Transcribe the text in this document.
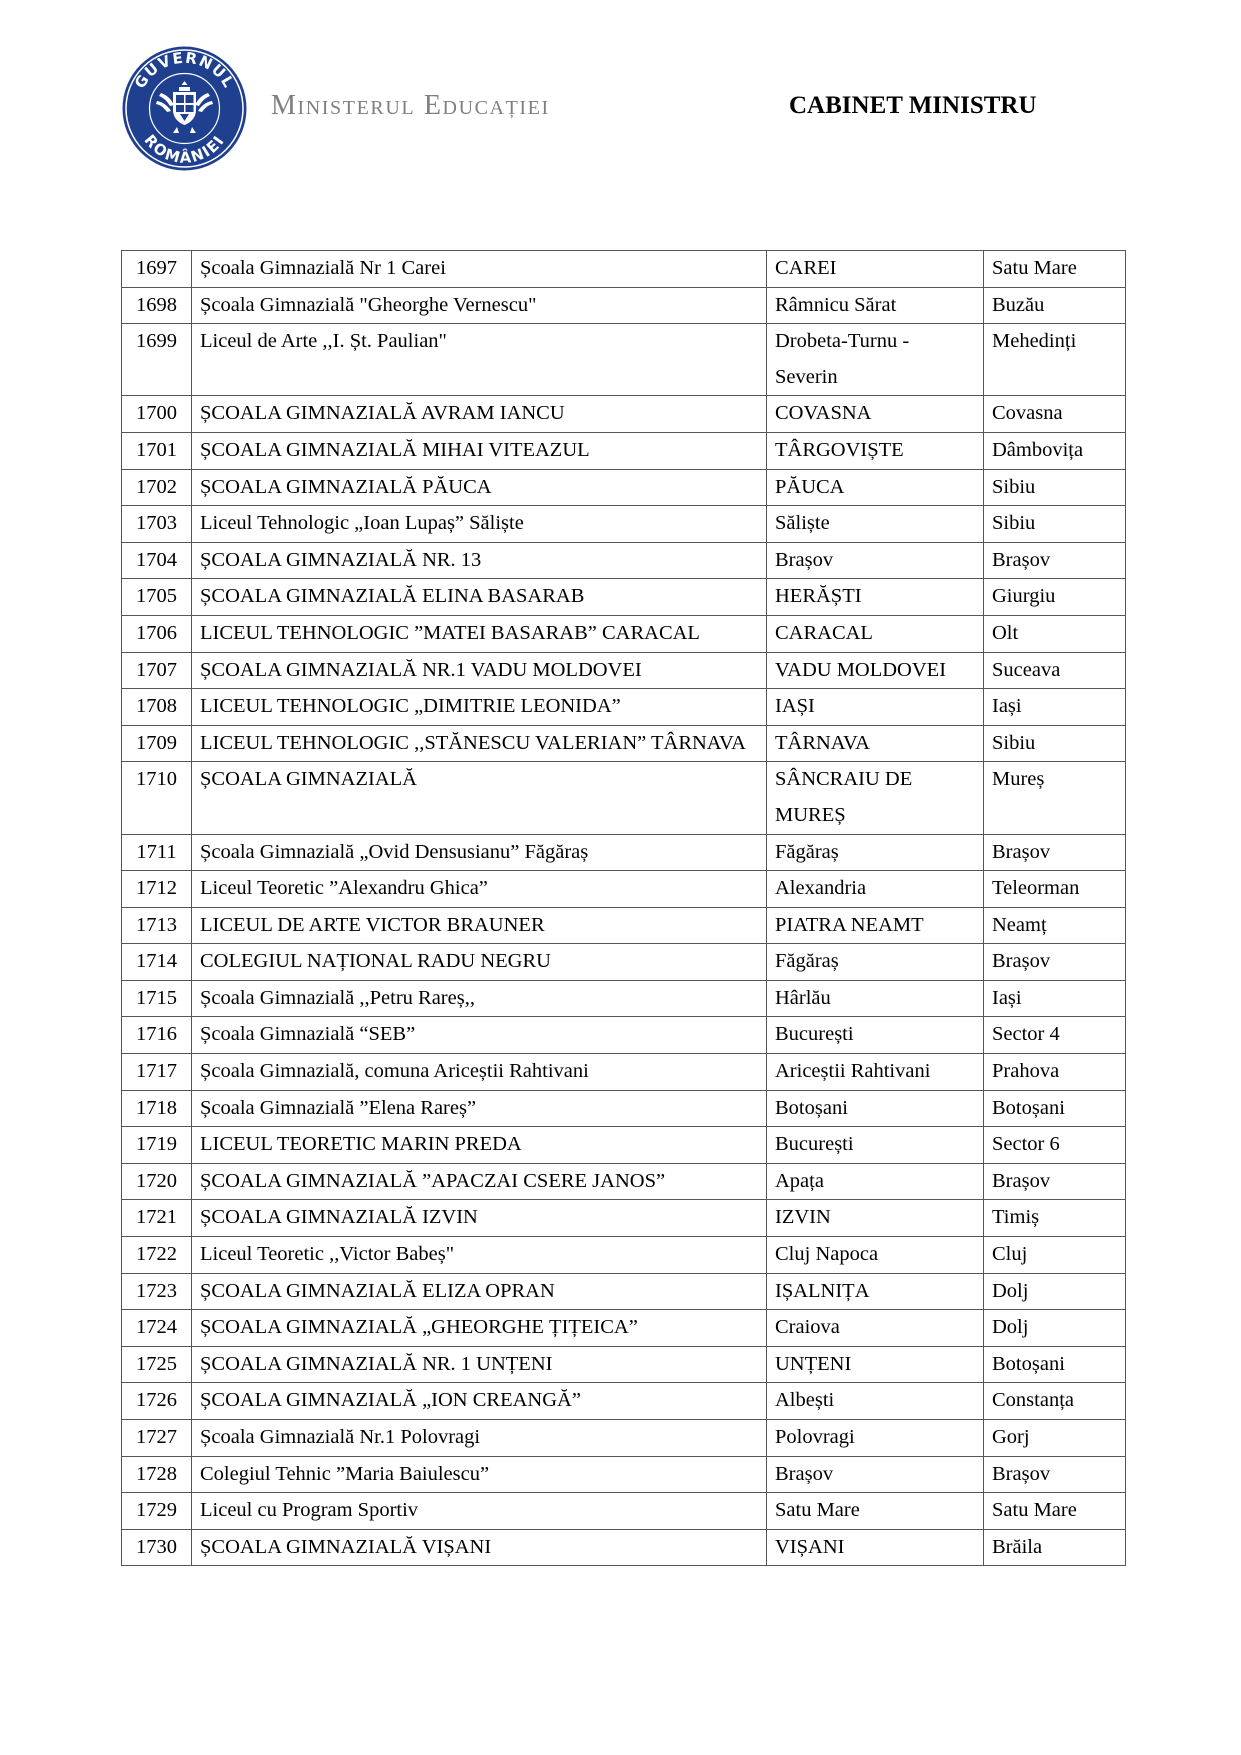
GUVERNUL
ROMÂNIEI
Ministerul Educației	CABINET MINISTRU
1697	Școala Gimnazială Nr 1 Carei	CAREI	Satu Mare
1698	Școala Gimnazială "Gheorghe Vernescu"	Râmnicu Sărat	Buzău
1699	Liceul de Arte ,,I. Șt. Paulian"	Drobeta-Turnu - Severin	Mehedinți
1700	ȘCOALA GIMNAZIALĂ AVRAM IANCU	COVASNA	Covasna
1701	ȘCOALA GIMNAZIALĂ MIHAI VITEAZUL	TÂRGOVIȘTE	Dâmbovița
1702	ȘCOALA GIMNAZIALĂ PĂUCA	PĂUCA	Sibiu
1703	Liceul Tehnologic „Ioan Lupaș” Săliște	Săliște	Sibiu
1704	ȘCOALA GIMNAZIALĂ NR. 13	Brașov	Brașov
1705	ȘCOALA GIMNAZIALĂ ELINA BASARAB	HERĂȘTI	Giurgiu
1706	LICEUL TEHNOLOGIC ”MATEI BASARAB” CARACAL	CARACAL	Olt
1707	ȘCOALA GIMNAZIALĂ NR.1 VADU MOLDOVEI	VADU MOLDOVEI	Suceava
1708	LICEUL TEHNOLOGIC „DIMITRIE LEONIDA”	IAȘI	Iași
1709	LICEUL TEHNOLOGIC ,,STĂNESCU VALERIAN” TÂRNAVA	TÂRNAVA	Sibiu
1710	ȘCOALA GIMNAZIALĂ	SÂNCRAIU DE MUREȘ	Mureș
1711	Școala Gimnazială „Ovid Densusianu” Făgăraș	Făgăraș	Brașov
1712	Liceul Teoretic ”Alexandru Ghica”	Alexandria	Teleorman
1713	LICEUL DE ARTE VICTOR BRAUNER	PIATRA NEAMT	Neamț
1714	COLEGIUL NAȚIONAL RADU NEGRU	Făgăraș	Brașov
1715	Școala Gimnazială ,,Petru Rareș,,	Hârlău	Iași
1716	Școala Gimnazială “SEB”	București	Sector 4
1717	Școala Gimnazială, comuna Ariceștii Rahtivani	Ariceștii Rahtivani	Prahova
1718	Școala Gimnazială ”Elena Rareș”	Botoșani	Botoșani
1719	LICEUL TEORETIC MARIN PREDA	București	Sector 6
1720	ȘCOALA GIMNAZIALĂ ”APACZAI CSERE JANOS”	Apața	Brașov
1721	ȘCOALA GIMNAZIALĂ IZVIN	IZVIN	Timiș
1722	Liceul Teoretic ,,Victor Babeș"	Cluj Napoca	Cluj
1723	ȘCOALA GIMNAZIALĂ ELIZA OPRAN	IȘALNIȚA	Dolj
1724	ȘCOALA GIMNAZIALĂ „GHEORGHE ȚIȚEICA”	Craiova	Dolj
1725	ȘCOALA GIMNAZIALĂ NR. 1 UNȚENI	UNȚENI	Botoșani
1726	ȘCOALA GIMNAZIALĂ „ION CREANGĂ”	Albești	Constanța
1727	Școala Gimnazială Nr.1 Polovragi	Polovragi	Gorj
1728	Colegiul Tehnic ”Maria Baiulescu”	Brașov	Brașov
1729	Liceul cu Program Sportiv	Satu Mare	Satu Mare
1730	ȘCOALA GIMNAZIALĂ VIȘANI	VIȘANI	Brăila
